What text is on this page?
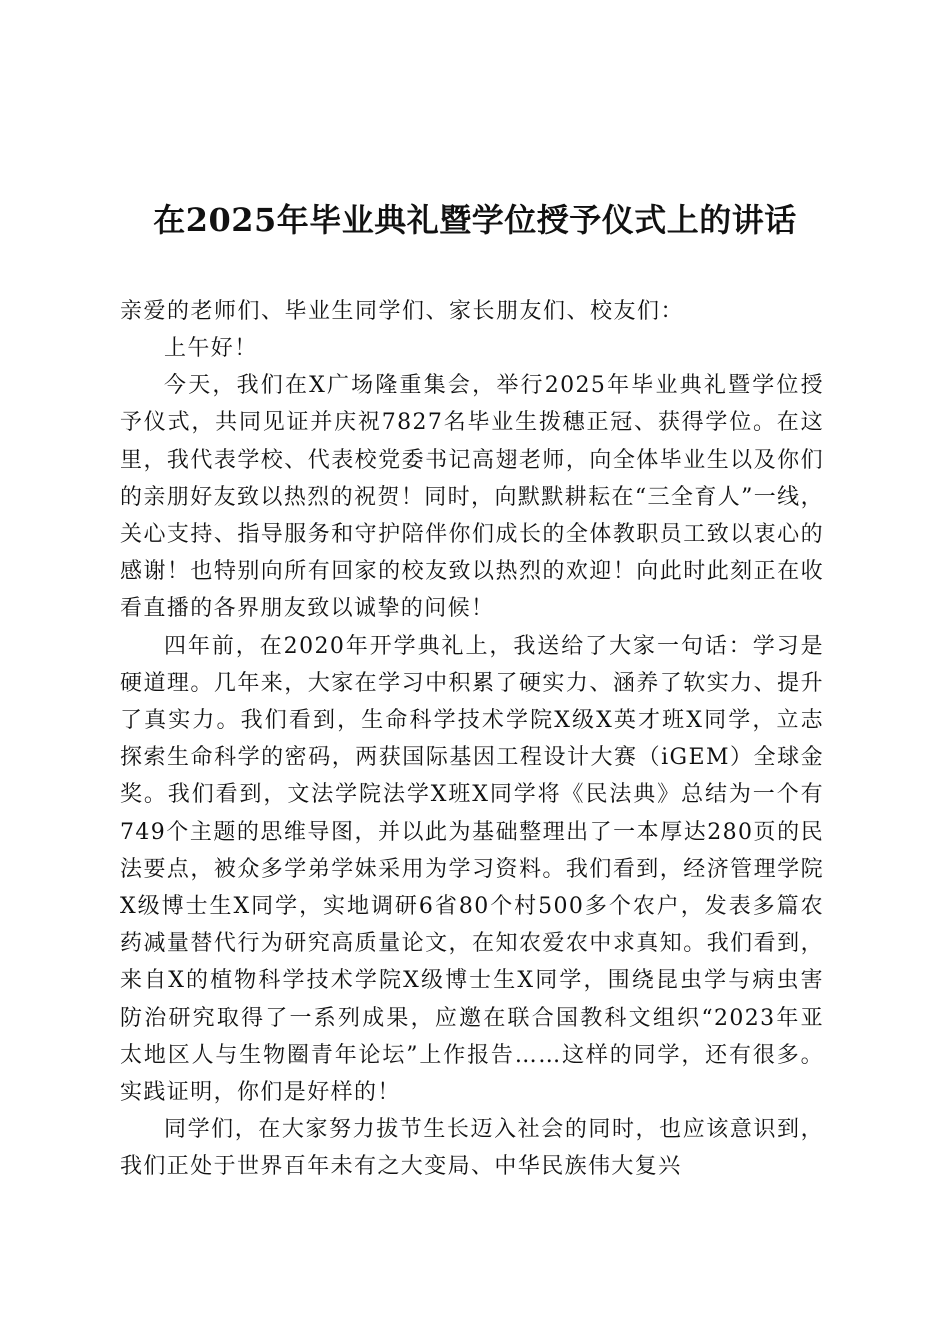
在2025年毕业典礼暨学位授予仪式上的讲话

亲爱的老师们、毕业生同学们、家长朋友们、校友们：

上午好！

今天，我们在X广场隆重集会，举行2025年毕业典礼暨学位授予仪式，共同见证并庆祝7827名毕业生拨穗正冠、获得学位。在这里，我代表学校、代表校党委书记高翅老师，向全体毕业生以及你们的亲朋好友致以热烈的祝贺！同时，向默默耕耘在“三全育人”一线，关心支持、指导服务和守护陪伴你们成长的全体教职员工致以衷心的感谢！也特别向所有回家的校友致以热烈的欢迎！向此时此刻正在收看直播的各界朋友致以诚挚的问候！

四年前，在2020年开学典礼上，我送给了大家一句话：学习是硬道理。几年来，大家在学习中积累了硬实力、涵养了软实力、提升了真实力。我们看到，生命科学技术学院X级X英才班X同学，立志探索生命科学的密码，两获国际基因工程设计大赛（iGEM）全球金奖。我们看到，文法学院法学X班X同学将《民法典》总结为一个有749个主题的思维导图，并以此为基础整理出了一本厚达280页的民法要点，被众多学弟学妹采用为学习资料。我们看到，经济管理学院X级博士生X同学，实地调研6省80个村500多个农户，发表多篇农药减量替代行为研究高质量论文，在知农爱农中求真知。我们看到，来自X的植物科学技术学院X级博士生X同学，围绕昆虫学与病虫害防治研究取得了一系列成果，应邀在联合国教科文组织“2023年亚太地区人与生物圈青年论坛”上作报告……这样的同学，还有很多。实践证明，你们是好样的！

同学们，在大家努力拔节生长迈入社会的同时，也应该意识到，我们正处于世界百年未有之大变局、中华民族伟大复兴
